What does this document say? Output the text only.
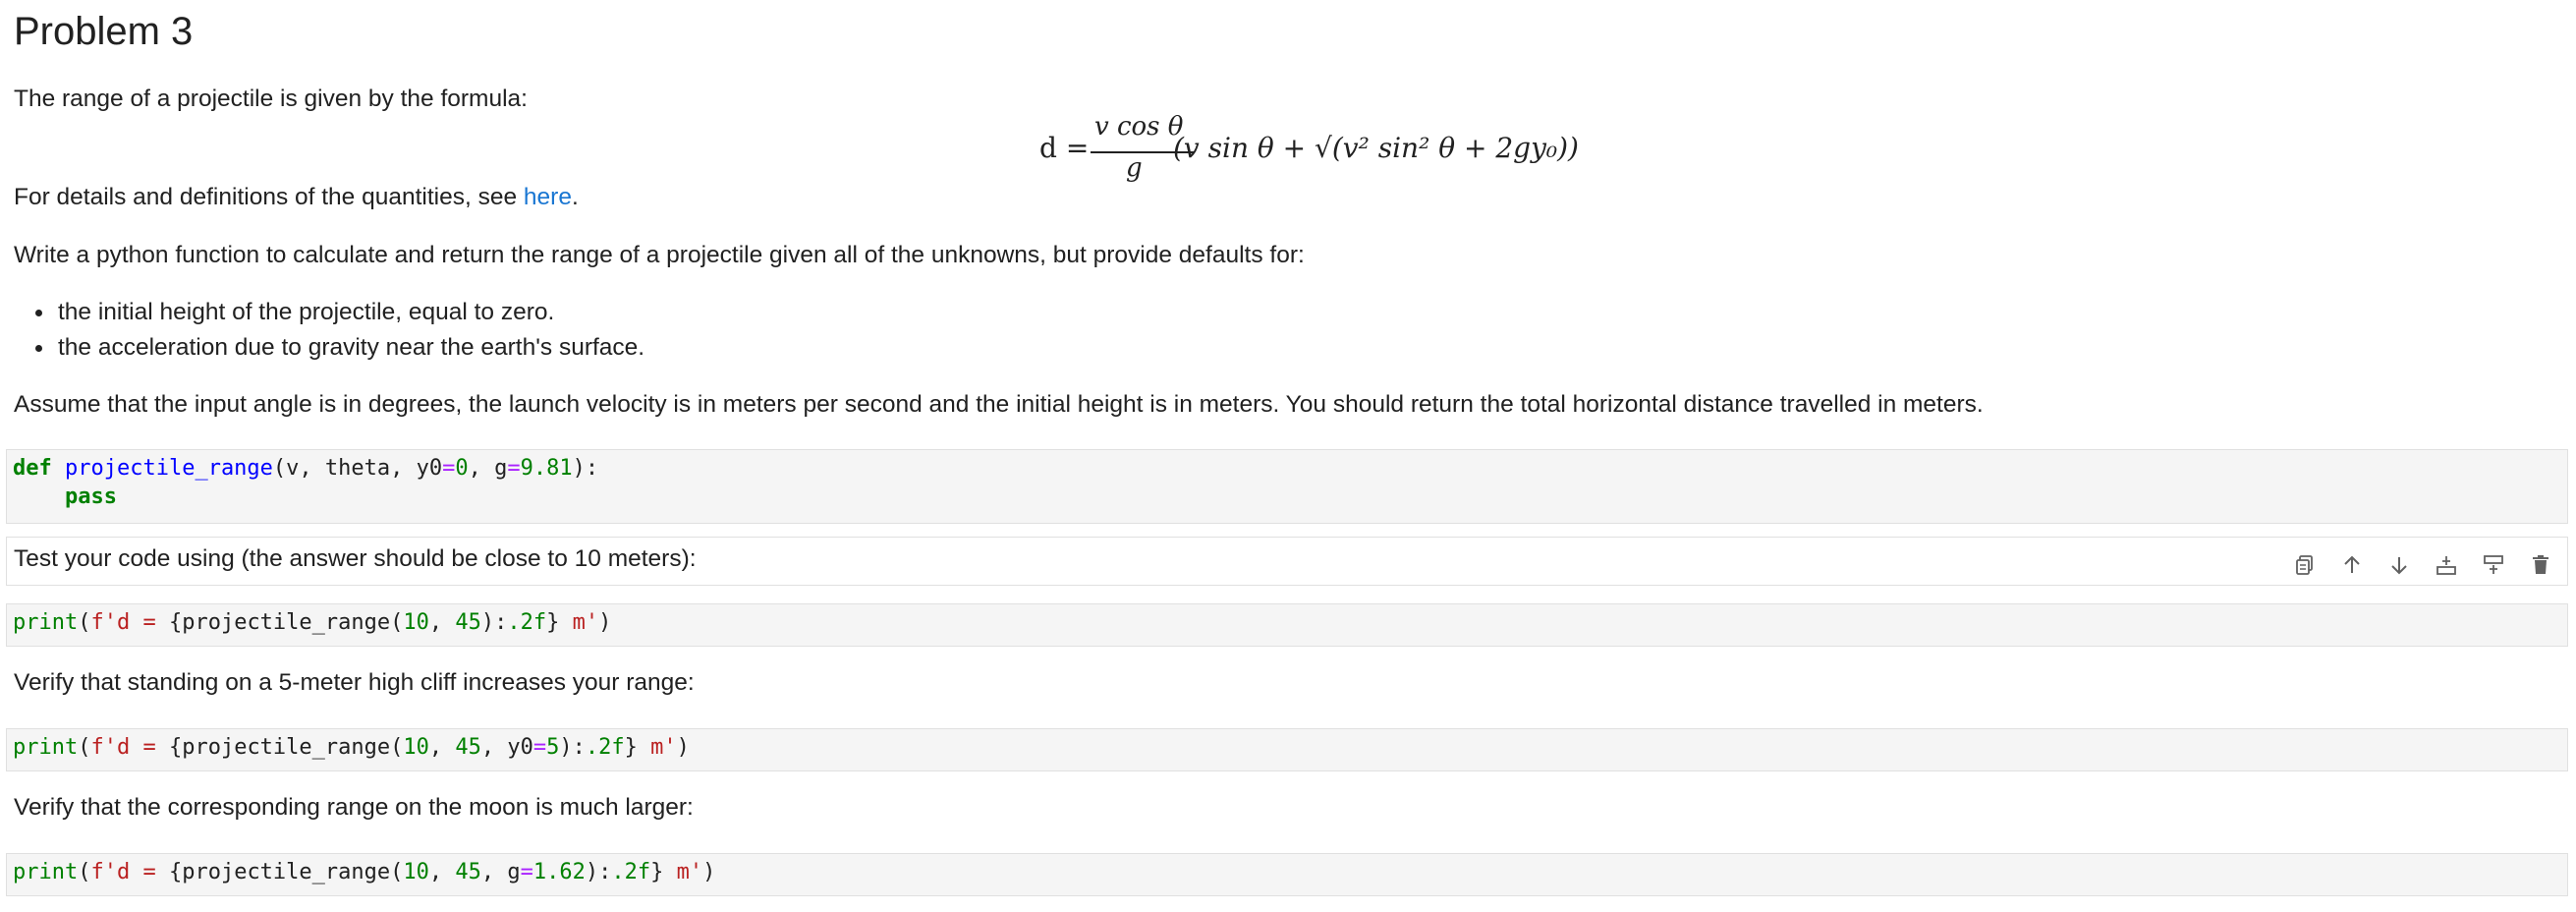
Problem 3
The range of a projectile is given by the formula:
d =
v cos θ
g
(v sin θ + √(v² sin² θ + 2gy₀))
For details and definitions of the quantities, see here.
Write a python function to calculate and return the range of a projectile given all of the unknowns, but provide defaults for:
the initial height of the projectile, equal to zero.
the acceleration due to gravity near the earth's surface.
Assume that the input angle is in degrees, the launch velocity is in meters per second and the initial height is in meters. You should return the total horizontal distance travelled in meters.
def projectile_range(v, theta, y0=0, g=9.81):
pass
Test your code using (the answer should be close to 10 meters):
print(f'd = {projectile_range(10, 45):.2f} m')
Verify that standing on a 5-meter high cliff increases your range:
print(f'd = {projectile_range(10, 45, y0=5):.2f} m')
Verify that the corresponding range on the moon is much larger:
print(f'd = {projectile_range(10, 45, g=1.62):.2f} m')
